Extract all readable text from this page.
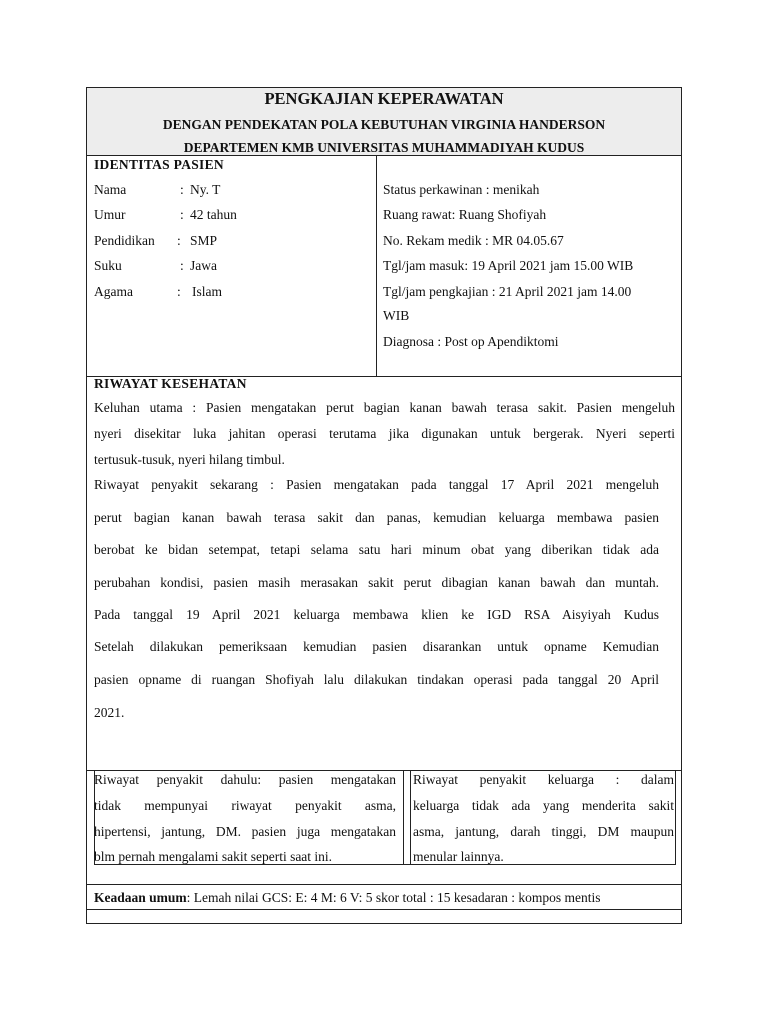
PENGKAJIAN KEPERAWATAN
DENGAN PENDEKATAN POLA KEBUTUHAN VIRGINIA HANDERSON
DEPARTEMEN KMB UNIVERSITAS MUHAMMADIYAH KUDUS
IDENTITAS PASIEN
Nama	: Ny. T
Umur	: 42 tahun
Pendidikan : SMP
Suku	: Jawa
Agama	: Islam
Status perkawinan : menikah
Ruang rawat: Ruang Shofiyah
No. Rekam medik : MR 04.05.67
Tgl/jam masuk: 19 April 2021 jam 15.00 WIB
Tgl/jam pengkajian : 21 April 2021 jam 14.00
WIB
Diagnosa : Post op Apendiktomi
RIWAYAT KESEHATAN
Keluhan utama : Pasien mengatakan perut bagian kanan bawah terasa sakit. Pasien mengeluh
nyeri disekitar luka jahitan operasi terutama jika digunakan untuk bergerak. Nyeri seperti
tertusuk-tusuk, nyeri hilang timbul.
Riwayat penyakit sekarang : Pasien mengatakan pada tanggal 17 April 2021 mengeluh
perut bagian kanan bawah terasa sakit dan panas, kemudian keluarga membawa pasien
berobat ke bidan setempat, tetapi selama satu hari minum obat yang diberikan tidak ada
perubahan kondisi, pasien masih merasakan sakit perut dibagian kanan bawah dan muntah.
Pada tanggal 19 April 2021 keluarga membawa klien ke IGD RSA Aisyiyah Kudus
Setelah dilakukan pemeriksaan kemudian pasien disarankan untuk opname Kemudian
pasien opname di ruangan Shofiyah lalu dilakukan tindakan operasi pada tanggal 20 April
2021.
Riwayat penyakit dahulu: pasien mengatakan
tidak mempunyai riwayat penyakit asma,
hipertensi, jantung, DM. pasien juga mengatakan
blm pernah mengalami sakit seperti saat ini.
Riwayat penyakit keluarga : dalam
keluarga tidak ada yang menderita sakit
asma, jantung, darah tinggi, DM maupun
menular lainnya.
Keadaan umum: Lemah nilai GCS: E: 4 M: 6 V: 5 skor total : 15 kesadaran : kompos mentis
